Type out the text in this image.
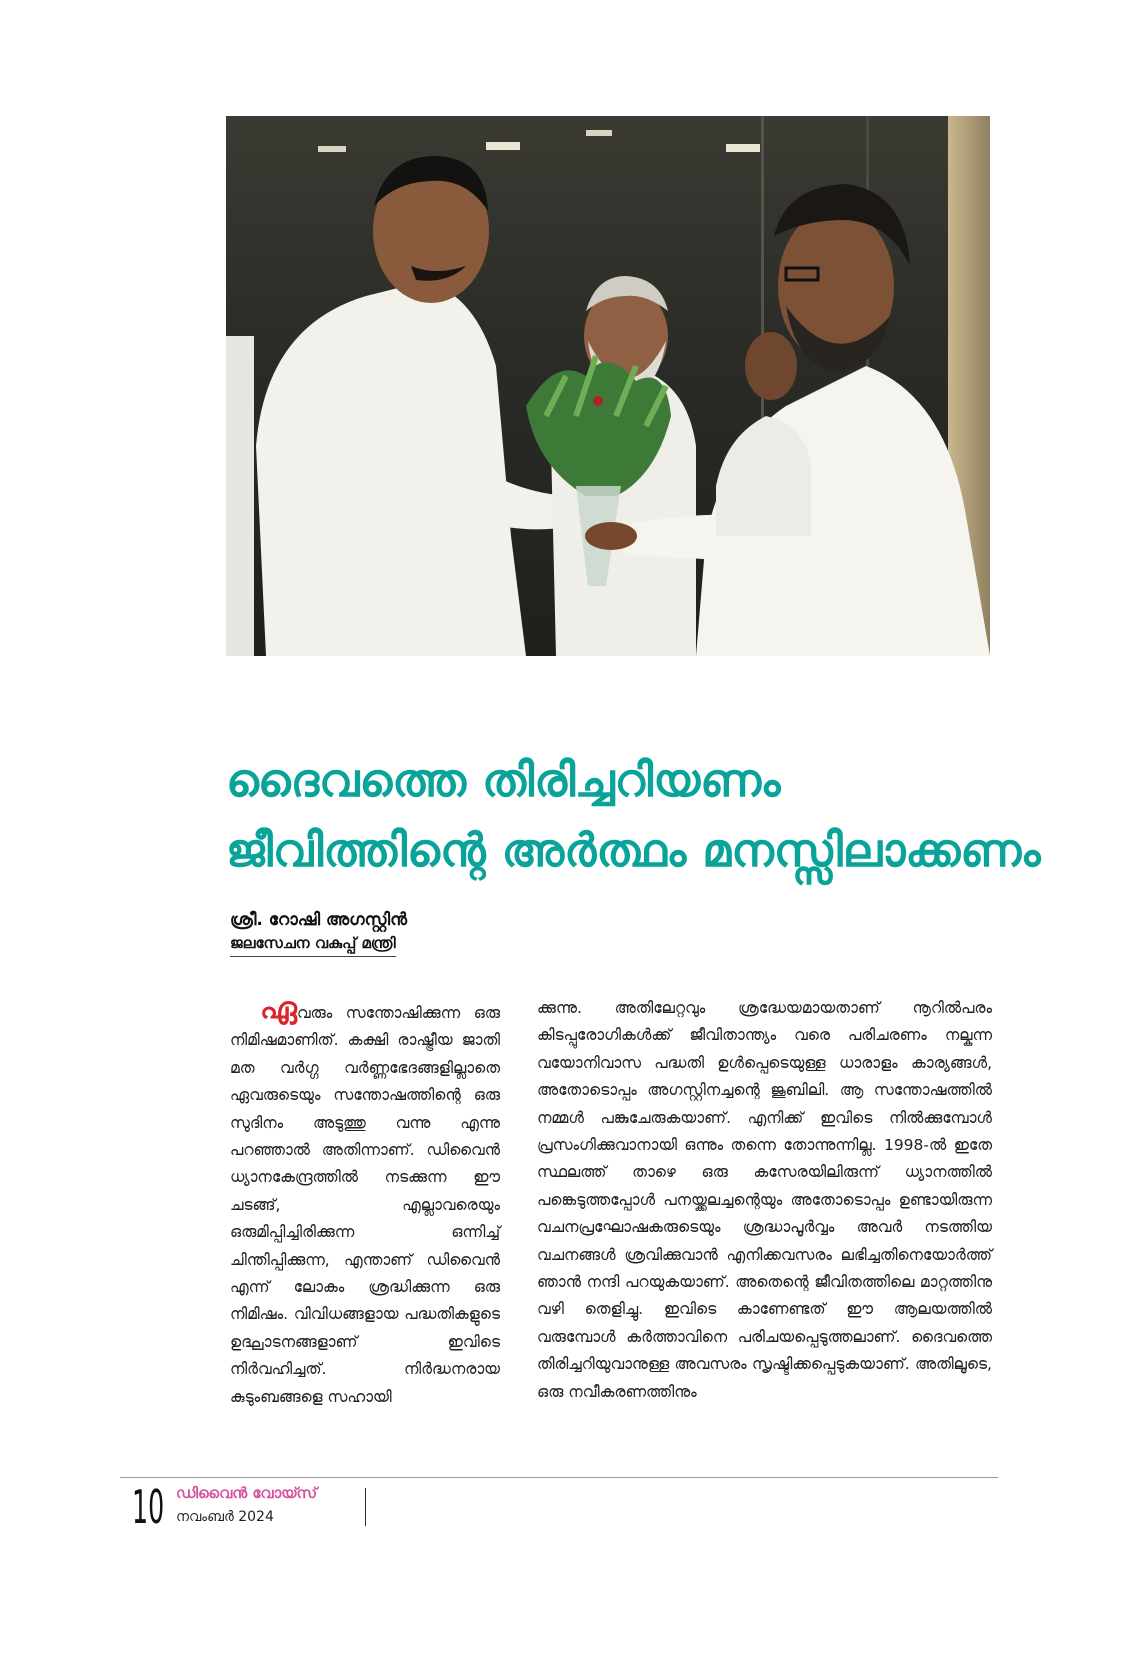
ദൈവത്തെ തിരിച്ചറിയണം
ജീവിത്തിന്റെ അർത്ഥം മനസ്സിലാക്കണം
ശ്രീ. റോഷി അഗസ്റ്റിൻ
ജലസേചന വകുപ്പ് മന്ത്രി

ഏവരും സന്തോഷിക്കുന്ന ഒരു നിമിഷമാണിത്. കക്ഷി രാഷ്ട്രീയ ജാതി മത വർഗ്ഗ വർണ്ണഭേദങ്ങളില്ലാതെ ഏവരുടെയും സന്തോഷത്തിന്റെ ഒരു സുദിനം അടുത്തു വന്നു എന്നു പറഞ്ഞാൽ അതിന്നാണ്. ഡിവൈൻ ധ്യാനകേന്ദ്രത്തിൽ നടക്കുന്ന ഈ ചടങ്ങ്, എല്ലാവരെയും ഒരുമിപ്പിച്ചിരിക്കുന്ന ഒന്നിച്ച് ചിന്തിപ്പിക്കുന്ന, എന്താണ് ഡിവൈൻ എന്ന് ലോകം ശ്രദ്ധിക്കുന്ന ഒരു നിമിഷം. വിവിധങ്ങളായ പദ്ധതികളുടെ ഉദ്ഘാടനങ്ങളാണ് ഇവിടെ നിർവഹിച്ചത്. നിർദ്ധനരായ കുടുംബങ്ങളെ സഹായി

ക്കുന്നു. അതിലേറ്റവും ശ്രദ്ധേയമായതാണ് നൂറിൽപരം കിടപ്പുരോഗികൾക്ക് ജീവിതാന്ത്യം വരെ പരിചരണം നല്കുന്ന വയോനിവാസ പദ്ധതി ഉൾപ്പെടെയുള്ള ധാരാളം കാര്യങ്ങൾ, അതോടൊപ്പം അഗസ്റ്റിനച്ചന്റെ ജൂബിലി. ആ സന്തോഷത്തിൽ നമ്മൾ പങ്കുചേരുകയാണ്. എനിക്ക് ഇവിടെ നിൽക്കുമ്പോൾ പ്രസംഗിക്കുവാനായി ഒന്നും തന്നെ തോന്നുന്നില്ല. 1998-ൽ ഇതേ സ്ഥലത്ത് താഴെ ഒരു കസേരയിലിരുന്ന് ധ്യാനത്തിൽ പങ്കെടുത്തപ്പോൾ പനയ്ക്കലച്ചന്റെയും അതോടൊപ്പം ഉണ്ടായിരുന്ന വചനപ്രഘോഷകരുടെയും ശ്രദ്ധാപൂർവ്വം അവർ നടത്തിയ വചനങ്ങൾ ശ്രവിക്കുവാൻ എനിക്കവസരം ലഭിച്ചതിനെയോർത്ത് ഞാൻ നന്ദി പറയുകയാണ്. അതെന്റെ ജീവിതത്തിലെ മാറ്റത്തിനു വഴി തെളിച്ചു. ഇവിടെ കാണേണ്ടത് ഈ ആലയത്തിൽ വരുമ്പോൾ കർത്താവിനെ പരിചയപ്പെടുത്തലാണ്. ദൈവത്തെ തിരിച്ചറിയുവാനുള്ള അവസരം സൃഷ്ടിക്കപ്പെടുകയാണ്. അതിലൂടെ, ഒരു നവീകരണത്തിനും

10 ഡിവൈൻ വോയ്സ്
നവംബർ 2024
